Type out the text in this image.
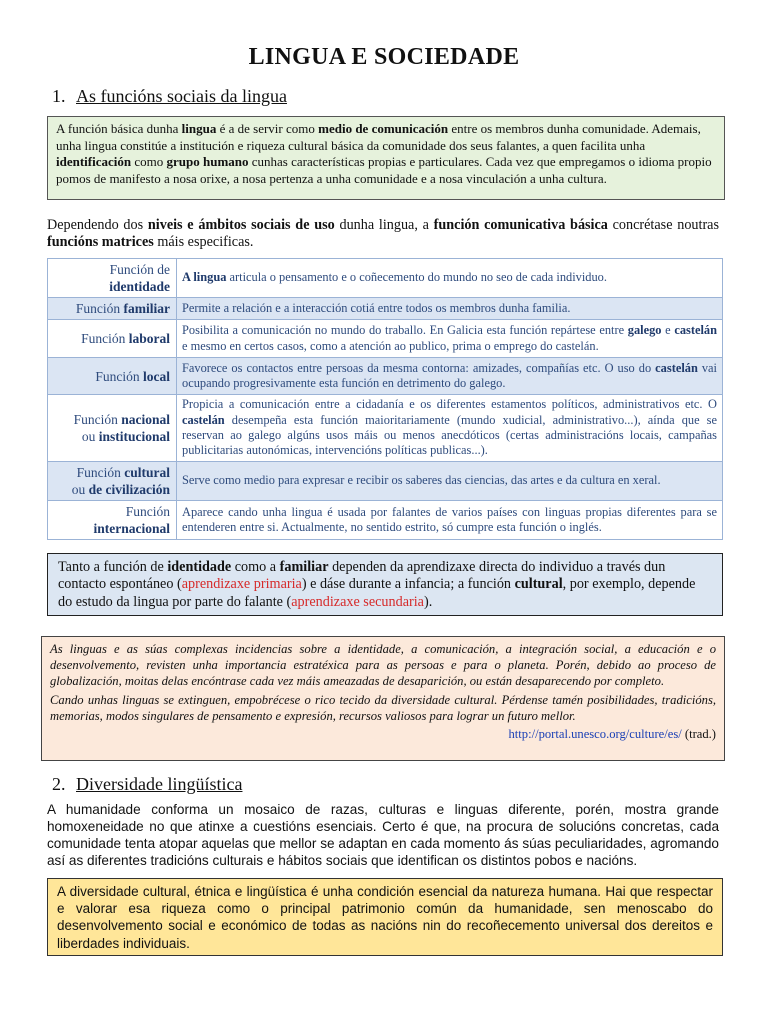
LINGUA E SOCIEDADE
1. As funcións sociais da lingua
A función básica dunha lingua é a de servir como medio de comunicación entre os membros dunha comunidade. Ademais, unha lingua constitúe a institución e riqueza cultural básica da comunidade dos seus falantes, a quen facilita unha identificación como grupo humano cunhas características propias e particulares. Cada vez que empregamos o idioma propio pomos de manifesto a nosa orixe, a nosa pertenza a unha comunidade e a nosa vinculación a unha cultura.
Dependendo dos niveis e ámbitos sociais de uso dunha lingua, a función comunicativa básica concrétase noutras funcións matrices máis especificas.
Función de
identidade	A lingua articula o pensamento e o coñecemento do mundo no seo de cada individuo.
Función familiar	Permite a relación e a interacción cotiá entre todos os membros dunha familia.
Función laboral	Posibilita a comunicación no mundo do traballo. En Galicia esta función repártese entre galego e castelán e mesmo en certos casos, como a atención ao publico, prima o emprego do castelán.
Función local	Favorece os contactos entre persoas da mesma contorna: amizades, compañías etc. O uso do castelán vai ocupando progresivamente esta función en detrimento do galego.
Función nacional
ou institucional	Propicia a comunicación entre a cidadanía e os diferentes estamentos políticos, administrativos etc. O castelán desempeña esta función maioritariamente (mundo xudicial, administrativo...), aínda que se reservan ao galego algúns usos máis ou menos anecdóticos (certas administracións locais, campañas publicitarias autonómicas, intervencións políticas publicas...).
Función cultural
ou de civilización	Serve como medio para expresar e recibir os saberes das ciencias, das artes e da cultura en xeral.
Función
internacional	Aparece cando unha lingua é usada por falantes de varios países con linguas propias diferentes para se entenderen entre si. Actualmente, no sentido estrito, só cumpre esta función o inglés.
Tanto a función de identidade como a familiar dependen da aprendizaxe directa do individuo a través dun contacto espontáneo (aprendizaxe primaria) e dáse durante a infancia; a función cultural, por exemplo, depende do estudo da lingua por parte do falante (aprendizaxe secundaria).

As linguas e as súas complexas incidencias sobre a identidade, a comunicación, a integración social, a educación e o desenvolvemento, revisten unha importancia estratéxica para as persoas e para o planeta. Porén, debido ao proceso de globalización, moitas delas encóntrase cada vez máis ameazadas de desaparición, ou están desaparecendo por completo.

Cando unhas linguas se extinguen, empobrécese o rico tecido da diversidade cultural. Pérdense tamén posibilidades, tradicións, memorias, modos singulares de pensamento e expresión, recursos valiosos para lograr un futuro mellor.

http://portal.unesco.org/culture/es/ (trad.)

2. Diversidade lingüística
A humanidade conforma un mosaico de razas, culturas e linguas diferente, porén, mostra grande homoxeneidade no que atinxe a cuestións esenciais. Certo é que, na procura de solucións concretas, cada comunidade tenta atopar aquelas que mellor se adaptan en cada momento ás súas peculiaridades, agromando así as diferentes tradicións culturais e hábitos sociais que identifican os distintos pobos e nacións.
A diversidade cultural, étnica e lingüística é unha condición esencial da natureza humana. Hai que respectar e valorar esa riqueza como o principal patrimonio común da humanidade, sen menoscabo do desenvolvemento social e económico de todas as nacións nin do recoñecemento universal dos dereitos e liberdades individuais.
